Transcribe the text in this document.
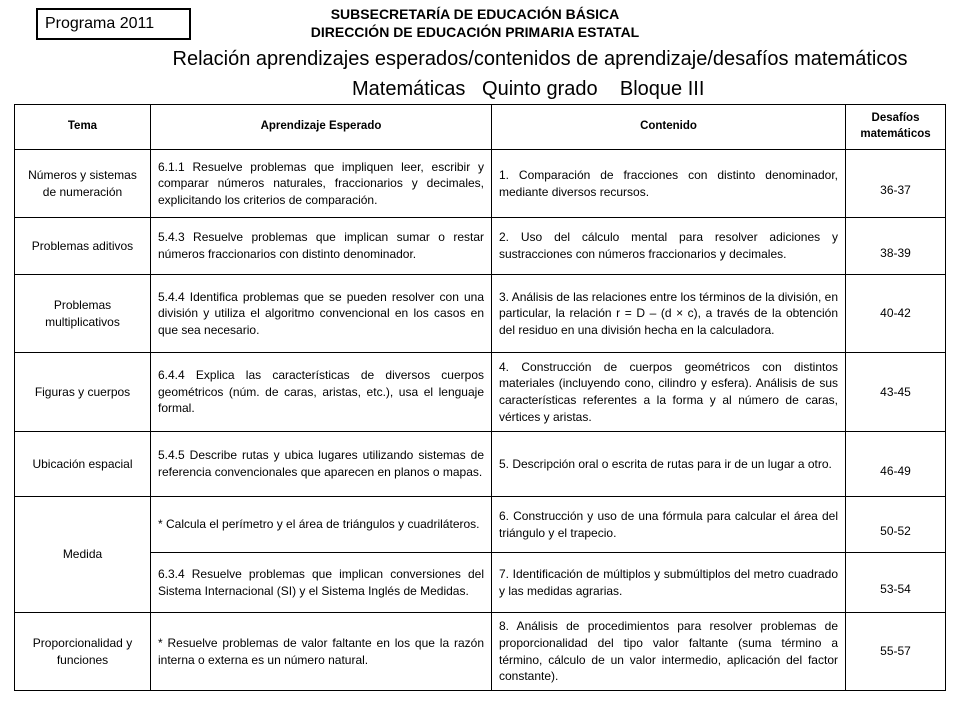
Programa 2011
SUBSECRETARÍA DE EDUCACIÓN BÁSICA
DIRECCIÓN DE EDUCACIÓN PRIMARIA ESTATAL
Relación aprendizajes esperados/contenidos de aprendizaje/desafíos matemáticos
Matemáticas   Quinto grado    Bloque III
Tema	Aprendizaje Esperado	Contenido	Desafíos matemáticos
Números y sistemas de numeración	6.1.1 Resuelve problemas que impliquen leer, escribir y comparar números naturales, fraccionarios y decimales, explicitando los criterios de comparación.	1. Comparación de fracciones con distinto denominador, mediante diversos recursos.	36-37

Problemas aditivos	5.4.3 Resuelve problemas que implican sumar o restar números fraccionarios con distinto denominador.	2. Uso del cálculo mental para resolver adiciones y sustracciones con números fraccionarios y decimales.	38-39

Problemas multiplicativos	5.4.4 Identifica problemas que se pueden resolver con una división y utiliza el algoritmo convencional en los casos en que sea necesario.	3. Análisis de las relaciones entre los términos de la división, en particular, la relación r = D – (d × c), a través de la obtención del residuo en una división hecha en la calculadora.	40-42
Figuras y cuerpos	6.4.4 Explica las características de diversos cuerpos geométricos (núm. de caras, aristas, etc.), usa el lenguaje formal.	4. Construcción de cuerpos geométricos con distintos materiales (incluyendo cono, cilindro y esfera). Análisis de sus características referentes a la forma y al número de caras, vértices y aristas.	43-45
Ubicación espacial	5.4.5 Describe rutas y ubica lugares utilizando sistemas de referencia convencionales que aparecen en planos o mapas.	5. Descripción oral o escrita de rutas para ir de un lugar a otro.	46-49

Medida	* Calcula el perímetro y el área de triángulos y cuadriláteros.	6. Construcción y uso de una fórmula para calcular el área del triángulo y el trapecio.	50-52

	6.3.4 Resuelve problemas que implican conversiones del Sistema Internacional (SI) y el Sistema Inglés de Medidas.	7. Identificación de múltiplos y submúltiplos del metro cuadrado y las medidas agrarias.	53-54

Proporcionalidad y funciones	* Resuelve problemas de valor faltante en los que la razón interna o externa es un número natural.	8. Análisis de procedimientos para resolver problemas de proporcionalidad del tipo valor faltante (suma término a término, cálculo de un valor intermedio, aplicación del factor constante).	55-57
